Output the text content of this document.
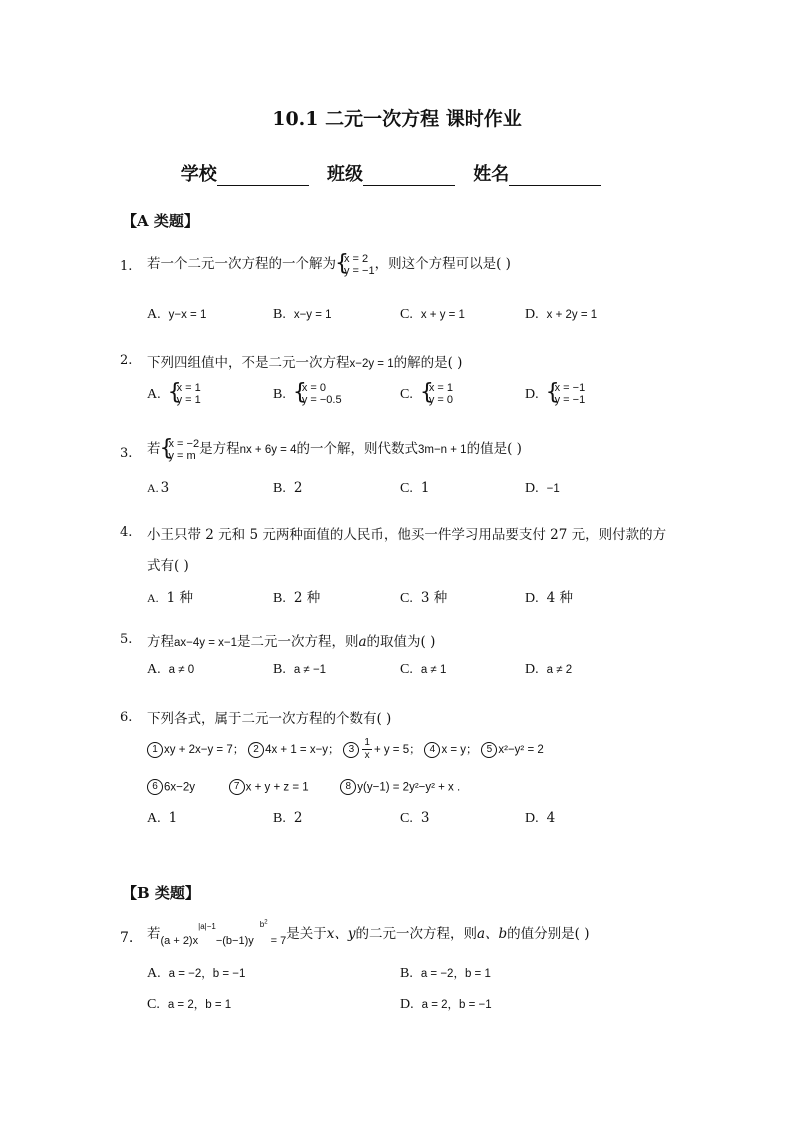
10.1 二元一次方程 课时作业
学校	班级	姓名
【A 类题】
1. 若一个二元一次方程的一个解为 { x = 2
y = −1 ，则这个方程可以是( )
A. y−x = 1	B. x−y = 1	C. x + y = 1	D. x + 2y = 1
2. 下列四组值中，不是二元一次方程x−2y = 1的解的是( )
A. { x = 1
y = 1	B. { x = 0
y = −0.5	C. { x = 1
y = 0	D. { x = −1
y = −1
3. 若 { x = −2
y = m 是方程nx + 6y = 4的一个解，则代数式3m−n + 1的值是( )
A. 3	B. 2	C. 1	D. −1
4. 小王只带 2 元和 5 元两种面值的人民币，他买一件学习用品要支付 27 元，则付款的方
式有( )
A. 1 种	B. 2 种	C. 3 种	D. 4 种
5. 方程ax−4y = x−1是二元一次方程，则a的取值为( )
A. a ≠ 0	B. a ≠ −1	C. a ≠ 1	D. a ≠ 2
6. 下列各式，属于二元一次方程的个数有( )
1 xy + 2x−y = 7； 2 4x + 1 = x−y； $3 \frac{1}{x} + y = 5$； 4 x = y； 5 x²−y² = 2
6 6x−2y	7 x + y + z = 1	8 y(y−1) = 2y²−y² + x .
A. 1	B. 2	C. 3	D. 4
【B 类题】
7. 若$_{(a + 2)x^{|a|-1}-(b-1)y^{b^2} = 7}$是关于x、y的二元一次方程，则a、b的值分别是( )
A. a = −2，b = −1	B. a = −2，b = 1
C. a = 2，b = 1	D. a = 2，b = −1
